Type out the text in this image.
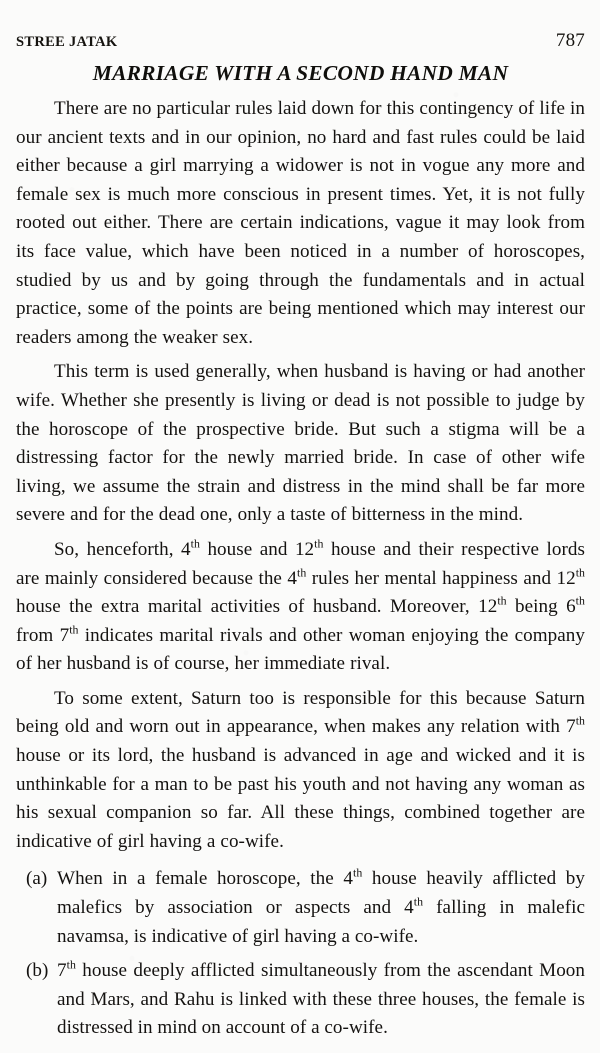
STREE JATAK	787
MARRIAGE WITH A SECOND HAND MAN

There are no particular rules laid down for this contingency of life in our ancient texts and in our opinion, no hard and fast rules could be laid either because a girl marrying a widower is not in vogue any more and female sex is much more conscious in present times. Yet, it is not fully rooted out either. There are certain indications, vague it may look from its face value, which have been noticed in a number of horoscopes, studied by us and by going through the fundamentals and in actual practice, some of the points are being mentioned which may interest our readers among the weaker sex.

This term is used generally, when husband is having or had another wife. Whether she presently is living or dead is not possible to judge by the horoscope of the prospective bride. But such a stigma will be a distressing factor for the newly married bride. In case of other wife living, we assume the strain and distress in the mind shall be far more severe and for the dead one, only a taste of bitterness in the mind.

So, henceforth, 4th house and 12th house and their respective lords are mainly considered because the 4th rules her mental happiness and 12th house the extra marital activities of husband. Moreover, 12th being 6th from 7th indicates marital rivals and other woman enjoying the company of her husband is of course, her immediate rival.

To some extent, Saturn too is responsible for this because Saturn being old and worn out in appearance, when makes any relation with 7th house or its lord, the husband is advanced in age and wicked and it is unthinkable for a man to be past his youth and not having any woman as his sexual companion so far. All these things, combined together are indicative of girl having a co-wife.

(a) When in a female horoscope, the 4th house heavily afflicted by malefics by association or aspects and 4th falling in malefic navamsa, is indicative of girl having a co-wife.
(b) 7th house deeply afflicted simultaneously from the ascendant Moon and Mars, and Rahu is linked with these three houses, the female is distressed in mind on account of a co-wife.
